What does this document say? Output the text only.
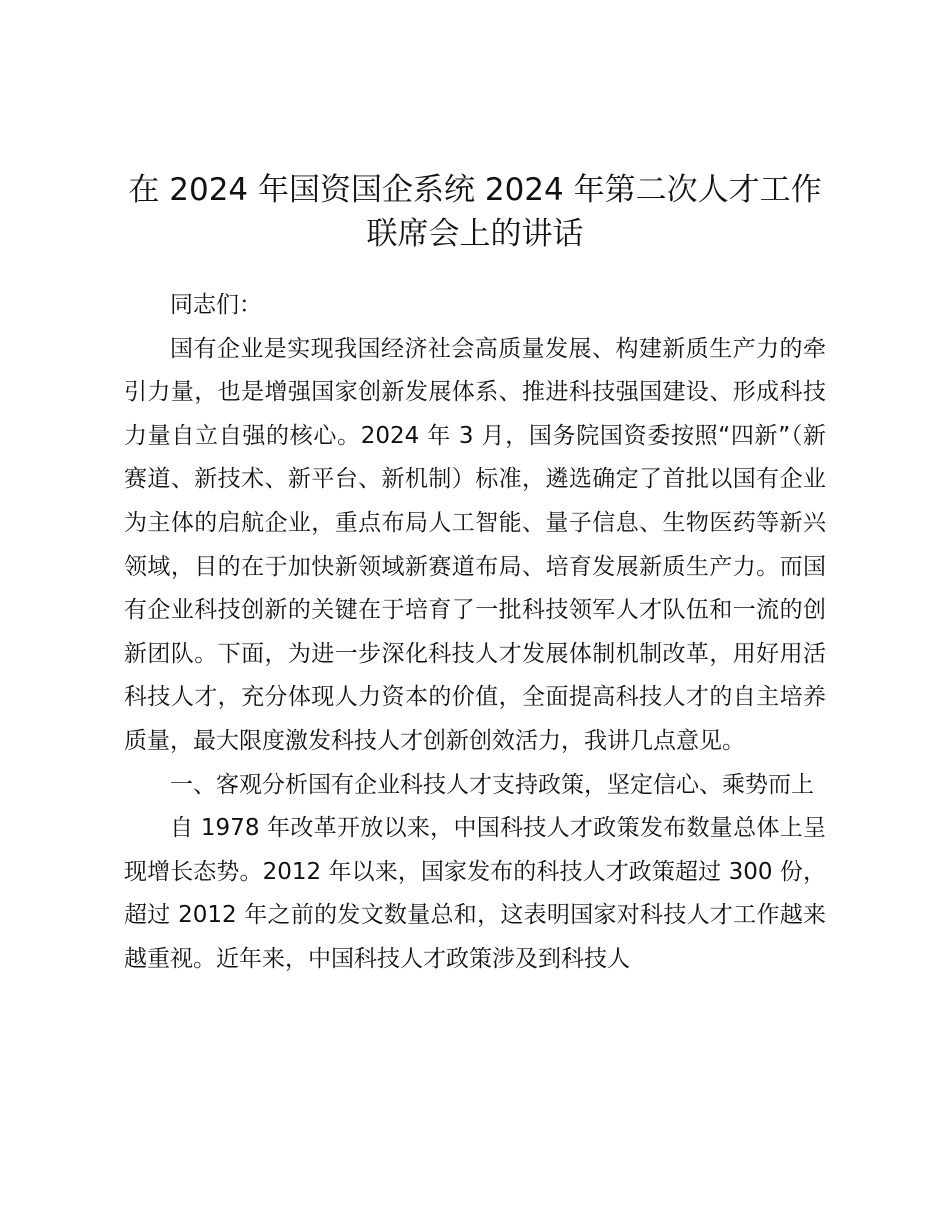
在 2024 年国资国企系统 2024 年第二次人才工作联席会上的讲话

同志们：

国有企业是实现我国经济社会高质量发展、构建新质生产力的牵引力量，也是增强国家创新发展体系、推进科技强国建设、形成科技力量自立自强的核心。2024 年 3 月，国务院国资委按照“四新”（新赛道、新技术、新平台、新机制）标准，遴选确定了首批以国有企业为主体的启航企业，重点布局人工智能、量子信息、生物医药等新兴领域，目的在于加快新领域新赛道布局、培育发展新质生产力。而国有企业科技创新的关键在于培育了一批科技领军人才队伍和一流的创新团队。下面，为进一步深化科技人才发展体制机制改革，用好用活科技人才，充分体现人力资本的价值，全面提高科技人才的自主培养质量，最大限度激发科技人才创新创效活力，我讲几点意见。

一、客观分析国有企业科技人才支持政策，坚定信心、乘势而上

自 1978 年改革开放以来，中国科技人才政策发布数量总体上呈现增长态势。2012 年以来，国家发布的科技人才政策超过 300 份，超过 2012 年之前的发文数量总和，这表明国家对科技人才工作越来越重视。近年来，中国科技人才政策涉及到科技人
